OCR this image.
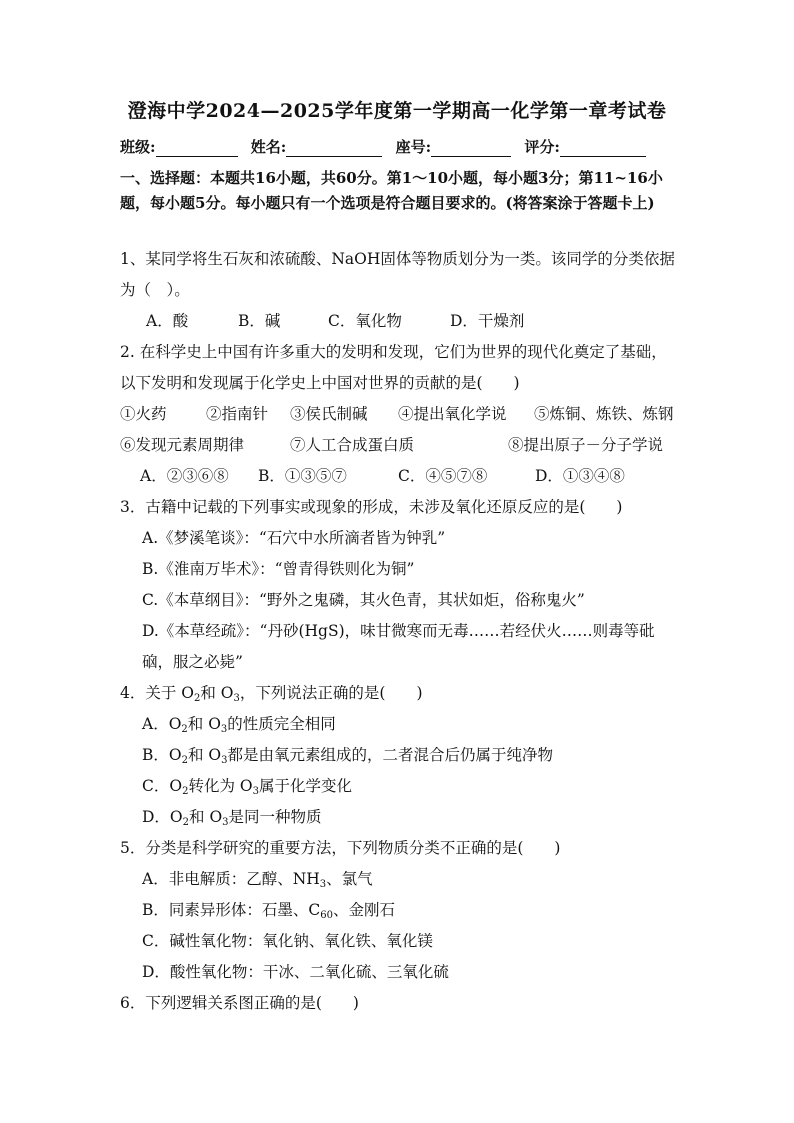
澄海中学2024—2025学年度第一学期高一化学第一章考试卷
班级:	姓名:	座号:	评分:
一、选择题：本题共16小题，共60分。第1～10小题，每小题3分；第11~16小题，每小题5分。每小题只有一个选项是符合题目要求的。(将答案涂于答题卡上)

1、某同学将生石灰和浓硫酸、NaOH固体等物质划分为一类。该同学的分类依据为（　）。

A．酸	B．碱	C．氧化物	D．干燥剂

2. 在科学史上中国有许多重大的发明和发现，它们为世界的现代化奠定了基础，以下发明和发现属于化学史上中国对世界的贡献的是(　　)

①火药	②指南针 ③侯氏制碱 ④提出氧化学说 ⑤炼铜、炼铁、炼钢

⑥发现元素周期律	⑦人工合成蛋白质	⑧提出原子－分子学说

A．②③⑥⑧ B．①③⑤⑦	C．④⑤⑦⑧	D．①③④⑧

3．古籍中记载的下列事实或现象的形成，未涉及氧化还原反应的是(　　)

A.《梦溪笔谈》：“石穴中水所滴者皆为钟乳”

B.《淮南万毕术》：“曾青得铁则化为铜”

C.《本草纲目》：“野外之鬼磷，其火色青，其状如炬，俗称鬼火”

D.《本草经疏》：“丹砂(HgS)，味甘微寒而无毒……若经伏火……则毒等砒硇，服之必毙”

4．关于 $O_2$和 $O_3$，下列说法正确的是(　　)

A．$O_2$和 $O_3$的性质完全相同

B．$O_2$和 $O_3$都是由氧元素组成的，二者混合后仍属于纯净物

C．$O_2$转化为 $O_3$属于化学变化

D．$O_2$和 $O_3$是同一种物质

5．分类是科学研究的重要方法，下列物质分类不正确的是(　　)

A．非电解质：乙醇、$NH_3$、氯气

B．同素异形体：石墨、$C_{60}$、金刚石

C．碱性氧化物：氧化钠、氧化铁、氧化镁

D．酸性氧化物：干冰、二氧化硫、三氧化硫

6．下列逻辑关系图正确的是(　　)
